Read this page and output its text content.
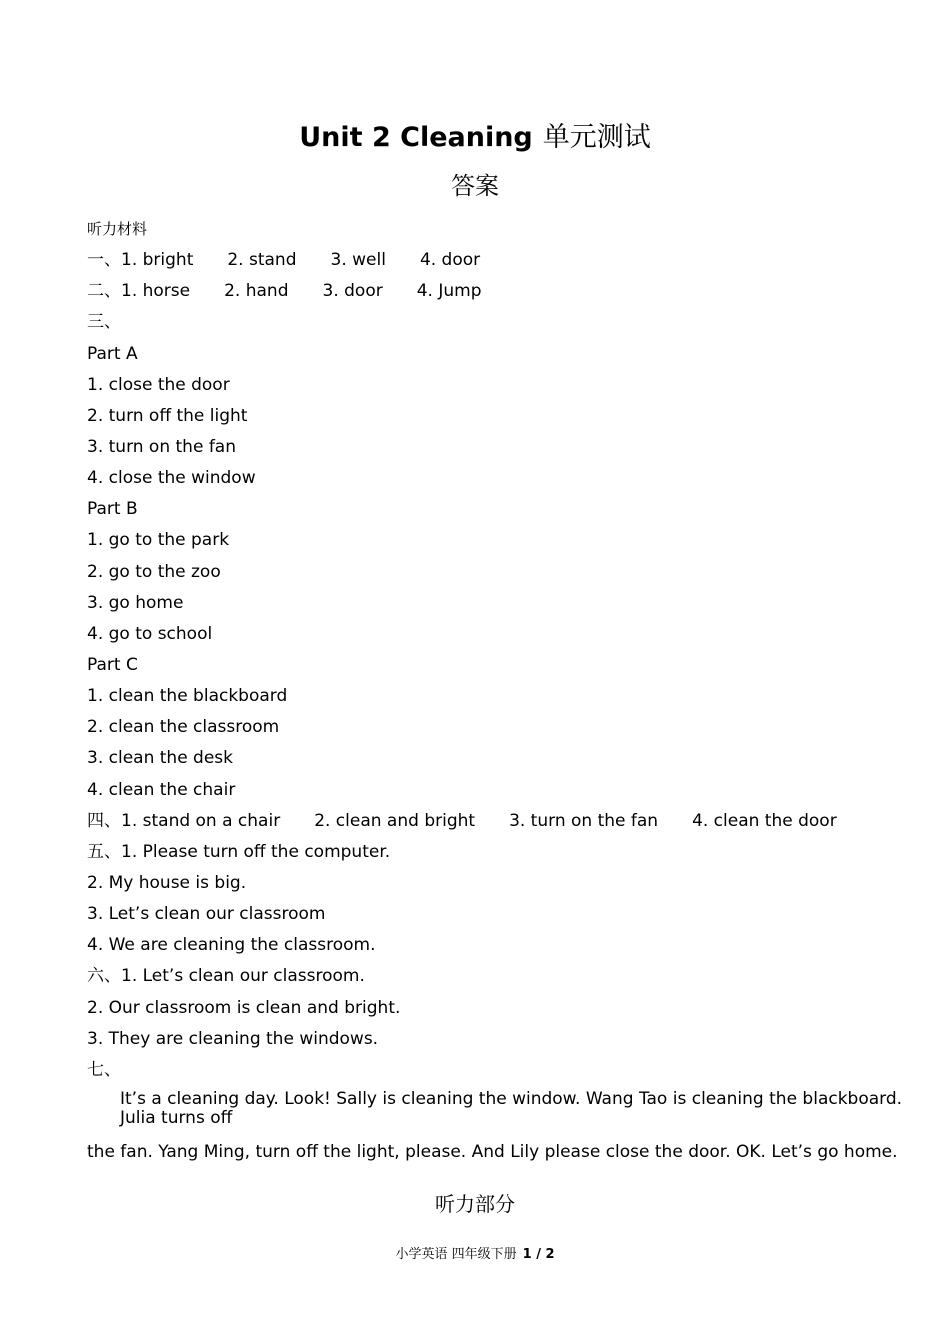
Unit 2 Cleaning 单元测试
答案
听力材料
一、1. bright 2. stand 3. well 4. door
二、1. horse 2. hand 3. door 4. Jump
三、
Part A
1. close the door
2. turn off the light
3. turn on the fan
4. close the window
Part B
1. go to the park
2. go to the zoo
3. go home
4. go to school
Part C
1. clean the blackboard
2. clean the classroom
3. clean the desk
4. clean the chair
四、1. stand on a chair 2. clean and bright 3. turn on the fan 4. clean the door
五、1. Please turn off the computer.
2. My house is big.
3. Let’s clean our classroom
4. We are cleaning the classroom.
六、1. Let’s clean our classroom.
2. Our classroom is clean and bright.
3. They are cleaning the windows.
七、
It’s a cleaning day. Look! Sally is cleaning the window. Wang Tao is cleaning the blackboard. Julia turns off
the fan. Yang Ming, turn off the light, please. And Lily please close the door. OK. Let’s go home.
听力部分
小学英语 四年级下册 1 / 2
